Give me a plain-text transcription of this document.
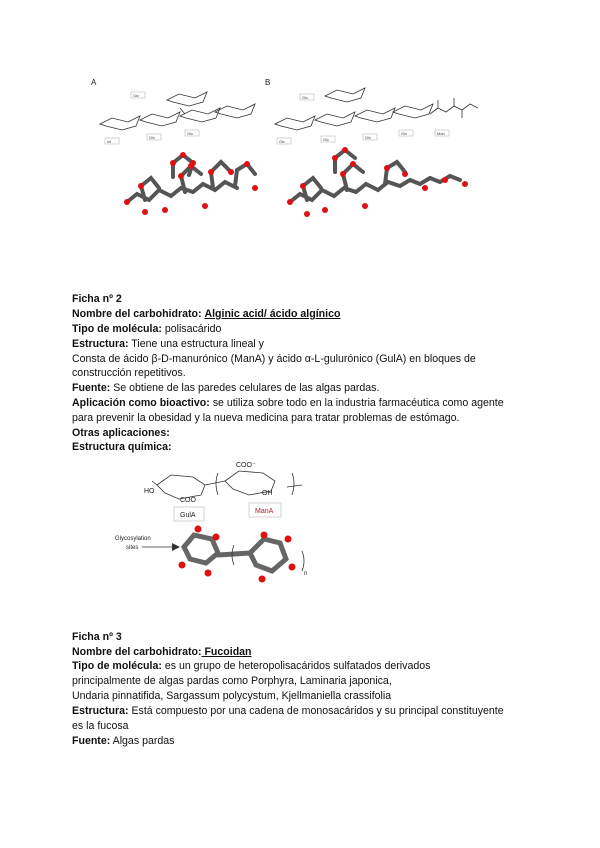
A	B
Inl
Glc
Glc
Glc	Glc
Glc	Glc	Glc
Glc	Man
Ficha nº 2
Nombre del carbohidrato: Alginic acid/ ácido algínico
Tipo de molécula: polisacárido
Estructura: Tiene una estructura lineal y
Consta de ácido β-D-manurónico (ManA) y ácido α-L-gulurónico (GulA) en bloques de
construcción repetitivos.
Fuente: Se obtiene de las paredes celulares de las algas pardas.
Aplicación como bioactivo: se utiliza sobre todo en la industria farmacéutica como agente
para prevenir la obesidad y la nueva medicina para tratar problemas de estómago.
Otras aplicaciones:
Estructura química:
HO
COO
COO⁻
OH
GulA
ManA
Glycosylation
sites
n
Ficha nº 3
Nombre del carbohidrato: Fucoidan
Tipo de molécula: es un grupo de heteropolisacáridos sulfatados derivados
principalmente de algas pardas como Porphyra, Laminaria japonica,
Undaria pinnatifida, Sargassum polycystum, Kjellmaniella crassifolia
Estructura: Está compuesto por una cadena de monosacáridos y su principal constituyente
es la fucosa
Fuente: Algas pardas
